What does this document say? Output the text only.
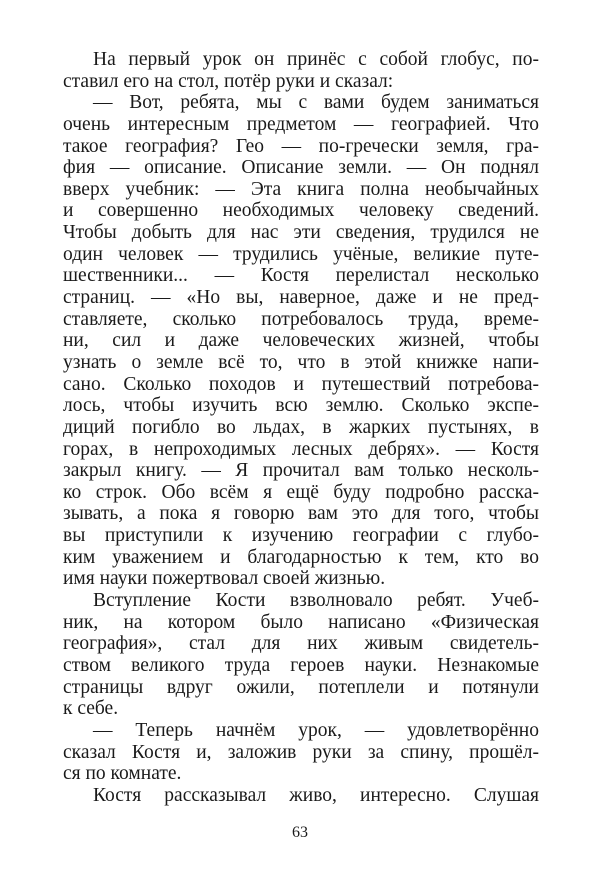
На первый урок он принёс с собой глобус, по-
ставил его на стол, потёр руки и сказал:
— Вот, ребята, мы с вами будем заниматься
очень интересным предметом — географией. Что
такое география? Гео — по-гречески земля, гра-
фия — описание. Описание земли. — Он поднял
вверх учебник: — Эта книга полна необычайных
и совершенно необходимых человеку сведений.
Чтобы добыть для нас эти сведения, трудился не
один человек — трудились учёные, великие путе-
шественники... — Костя перелистал несколько
страниц. — «Но вы, наверное, даже и не пред-
ставляете, сколько потребовалось труда, време-
ни, сил и даже человеческих жизней, чтобы
узнать о земле всё то, что в этой книжке напи-
сано. Сколько походов и путешествий потребова-
лось, чтобы изучить всю землю. Сколько экспе-
диций погибло во льдах, в жарких пустынях, в
горах, в непроходимых лесных дебрях». — Костя
закрыл книгу. — Я прочитал вам только несколь-
ко строк. Обо всём я ещё буду подробно расска-
зывать, а пока я говорю вам это для того, чтобы
вы приступили к изучению географии с глубо-
ким уважением и благодарностью к тем, кто во
имя науки пожертвовал своей жизнью.
Вступление Кости взволновало ребят. Учеб-
ник, на котором было написано «Физическая
география», стал для них живым свидетель-
ством великого труда героев науки. Незнакомые
страницы вдруг ожили, потеплели и потянули
к себе.
— Теперь начнём урок, — удовлетворённо
сказал Костя и, заложив руки за спину, прошёл-
ся по комнате.
Костя рассказывал живо, интересно. Слушая
63
